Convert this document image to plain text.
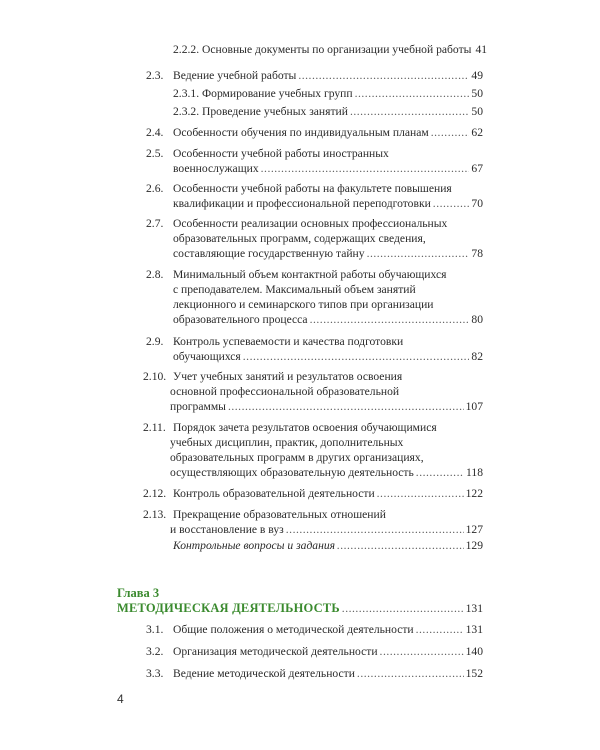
2.2.2. Основные документы по организации учебной работы 41
2.3. Ведение учебной работы .....	49
2.3.1. Формирование учебных групп .....	50
2.3.2. Проведение учебных занятий .....	50
2.4. Особенности обучения по индивидуальным планам .....	62
2.5. Особенности учебной работы иностранных
военнослужащих .....	67
2.6. Особенности учебной работы на факультете повышения
квалификации и профессиональной переподготовки .....	70
2.7. Особенности реализации основных профессиональных
образовательных программ, содержащих сведения,
составляющие государственную тайну .....	78
2.8. Минимальный объем контактной работы обучающихся
с преподавателем. Максимальный объем занятий
лекционного и семинарского типов при организации
образовательного процесса .....	80
2.9. Контроль успеваемости и качества подготовки
обучающихся .....	82
2.10. Учет учебных занятий и результатов освоения
основной профессиональной образовательной
программы .....	107
2.11. Порядок зачета результатов освоения обучающимися
учебных дисциплин, практик, дополнительных
образовательных программ в других организациях,
осуществляющих образовательную деятельность .....	118
2.12. Контроль образовательной деятельности .....	122
2.13. Прекращение образовательных отношений
и восстановление в вуз .....	127
Контрольные вопросы и задания .....	129
Глава 3
МЕТОДИЧЕСКАЯ ДЕЯТЕЛЬНОСТЬ .....	131
3.1. Общие положения о методической деятельности .....	131
3.2. Организация методической деятельности .....	140
3.3. Ведение методической деятельности .....	152
4
